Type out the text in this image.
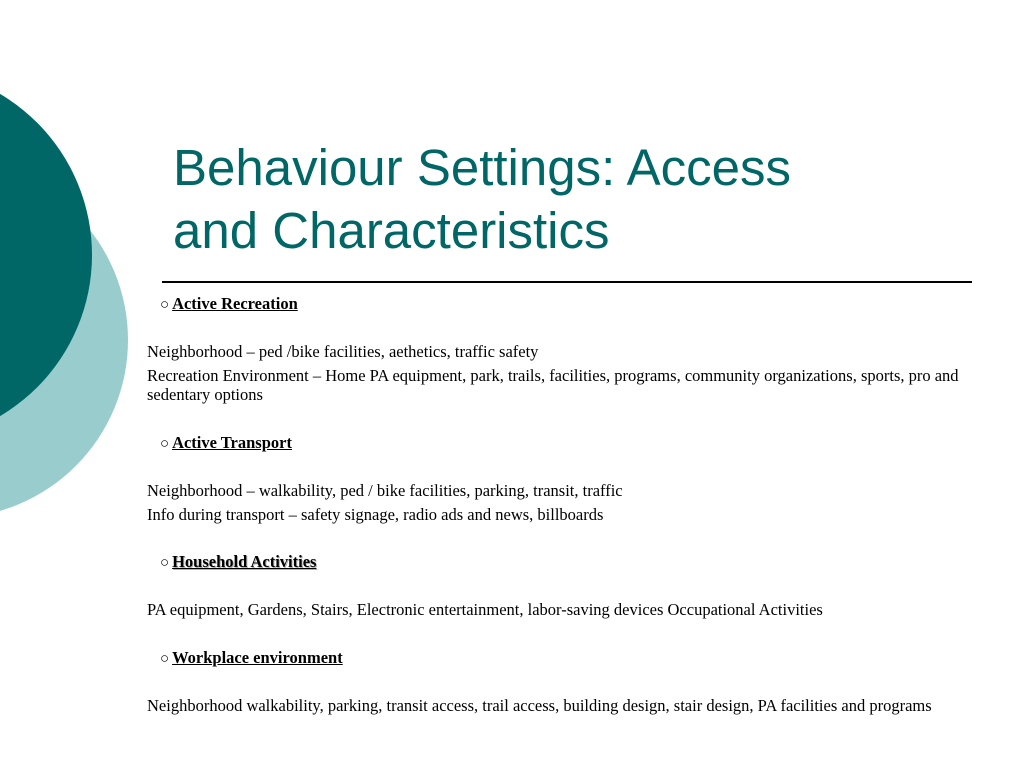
Behaviour Settings: Access
and Characteristics
○ Active Recreation
Neighborhood – ped /bike facilities, aethetics, traffic safety
Recreation Environment – Home PA equipment, park, trails, facilities, programs, community organizations, sports, pro and sedentary options
○ Active Transport
Neighborhood – walkability, ped / bike facilities, parking, transit, traffic
Info during transport – safety signage, radio ads and news, billboards
○ Household Activities
PA equipment, Gardens, Stairs, Electronic entertainment, labor-saving devices Occupational Activities
○ Workplace environment
Neighborhood walkability, parking, transit access, trail access, building design, stair design, PA facilities and programs
